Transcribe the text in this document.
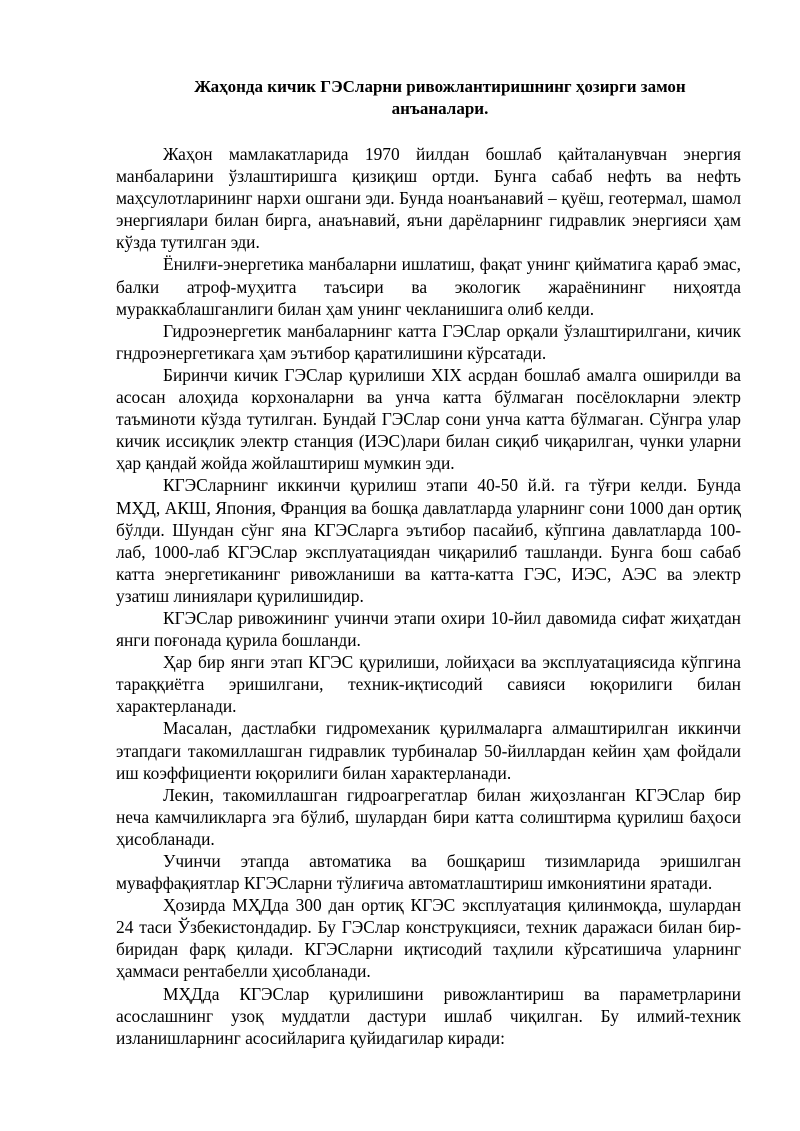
Жаҳонда кичик ГЭСларни ривожлантиришнинг ҳозирги замон анъаналари.

Жаҳон мамлакатларида 1970 йилдан бошлаб қайталанувчан энергия манбаларини ўзлаштиришга қизиқиш ортди. Бунга сабаб нефть ва нефть маҳсулотларининг нархи ошгани эди. Бунда ноанъанавий – қуёш, геотермал, шамол энергиялари билан бирга, анаънавий, яъни дарёларнинг гидравлик энергияси ҳам кўзда тутилган эди.

Ёнилғи-энергетика манбаларни ишлатиш, фақат унинг қийматига қараб эмас, балки атроф-муҳитга таъсири ва экологик жараёнининг ниҳоятда мураккаблашганлиги билан ҳам унинг чекланишига олиб келди.

Гидроэнергетик манбаларнинг катта ГЭСлар орқали ўзлаштирилгани, кичик гндроэнергетикага ҳам эътибор қаратилишини кўрсатади.

Биринчи кичик ГЭСлар қурилиши XIX асрдан бошлаб амалга оширилди ва асосан алоҳида корхоналарни ва унча катта бўлмаган посёлокларни электр таъминоти кўзда тутилган. Бундай ГЭСлар сони унча катта бўлмаган. Сўнгра улар кичик иссиқлик электр станция (ИЭС)лари билан сиқиб чиқарилган, чунки уларни ҳар қандай жойда жойлаштириш мумкин эди.

КГЭСларнинг иккинчи қурилиш этапи 40-50 й.й. га тўғри келди. Бунда МҲД, АКШ, Япония, Франция ва бошқа давлатларда уларнинг сони 1000 дан ортиқ бўлди. Шундан сўнг яна КГЭСларга эътибор пасайиб, кўпгина давлатларда 100-лаб, 1000-лаб КГЭСлар эксплуатациядан чиқарилиб ташланди. Бунга бош сабаб катта энергетиканинг ривожланиши ва катта-катта ГЭС, ИЭС, АЭС ва электр узатиш линиялари қурилишидир.

КГЭСлар ривожининг учинчи этапи охири 10-йил давомида сифат жиҳатдан янги поғонада қурила бошланди.

Ҳар бир янги этап КГЭС қурилиши, лойиҳаси ва эксплуатациясида кўпгина тараққиётга эришилгани, техник-иқтисодий савияси юқорилиги билан характерланади.

Масалан, дастлабки гидромеханик қурилмаларга алмаштирилган иккинчи этапдаги такомиллашган гидравлик турбиналар 50-йиллардан кейин ҳам фойдали иш коэффициенти юқорилиги билан характерланади.

Лекин, такомиллашган гидроагрегатлар билан жиҳозланган КГЭСлар бир неча камчиликларга эга бўлиб, шулардан бири катта солиштирма қурилиш баҳоси ҳисобланади.

Учинчи этапда автоматика ва бошқариш тизимларида эришилган муваффақиятлар КГЭСларни тўлиғича автоматлаштириш имкониятини яратади.

Ҳозирда МҲДда 300 дан ортиқ КГЭС эксплуатация қилинмоқда, шулардан 24 таси Ўзбекистондадир. Бу ГЭСлар конструкцияси, техник даражаси билан бир-биридан фарқ қилади. КГЭСларни иқтисодий таҳлили кўрсатишича уларнинг ҳаммаси рентабелли ҳисобланади.

МҲДда КГЭСлар қурилишини ривожлантириш ва параметрларини асослашнинг узоқ муддатли дастури ишлаб чиқилган. Бу илмий-техник изланишларнинг асосийларига қуйидагилар киради:
